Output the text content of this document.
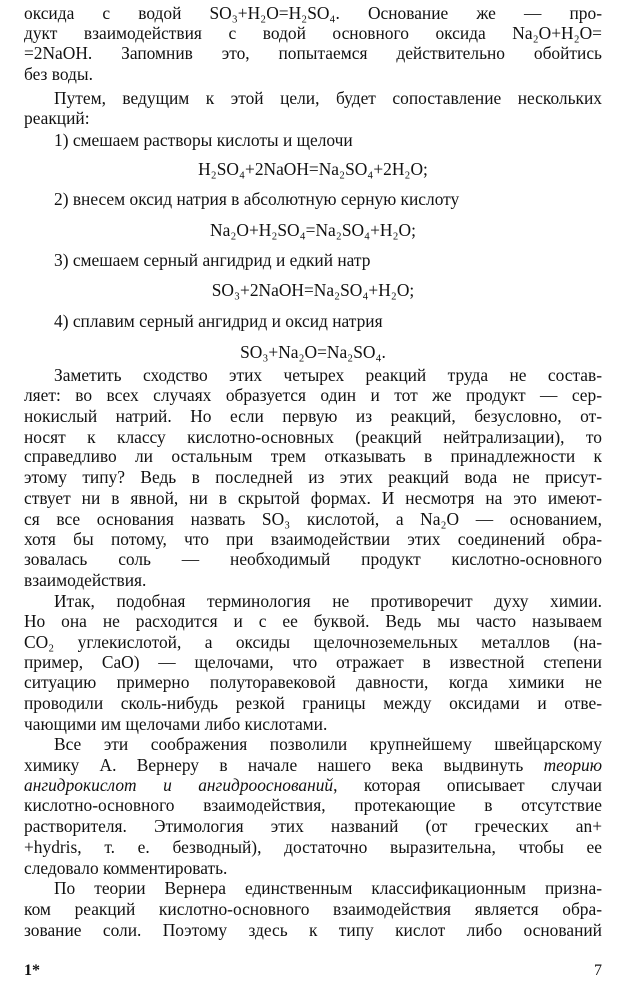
оксида с водой SO₃+H₂O=H₂SO₄. Основание же — про-
дукт взаимодействия с водой основного оксида Na₂O+H₂O=
=2NaOH. Запомнив это, попытаемся действительно обойтись
без воды.
Путем, ведущим к этой цели, будет сопоставление нескольких
реакций:
1) смешаем растворы кислоты и щелочи
H₂SO₄+2NaOH=Na₂SO₄+2H₂O;
2) внесем оксид натрия в абсолютную серную кислоту
Na₂O+H₂SO₄=Na₂SO₄+H₂O;
3) смешаем серный ангидрид и едкий натр
SO₃+2NaOH=Na₂SO₄+H₂O;
4) сплавим серный ангидрид и оксид натрия
SO₃+Na₂O=Na₂SO₄.
Заметить сходство этих четырех реакций труда не состав-
ляет: во всех случаях образуется один и тот же продукт — сер-
нокислый натрий. Но если первую из реакций, безусловно, от-
носят к классу кислотно-основных (реакций нейтрализации), то
справедливо ли остальным трем отказывать в принадлежности к
этому типу? Ведь в последней из этих реакций вода не присут-
ствует ни в явной, ни в скрытой формах. И несмотря на это имеют-
ся все основания назвать SO₃ кислотой, а Na₂O — основанием,
хотя бы потому, что при взаимодействии этих соединений обра-
зовалась соль — необходимый продукт кислотно-основного
взаимодействия.
Итак, подобная терминология не противоречит духу химии.
Но она не расходится и с ее буквой. Ведь мы часто называем
CO₂ углекислотой, а оксиды щелочноземельных металлов (на-
пример, CaO) — щелочами, что отражает в известной степени
ситуацию примерно полуторавековой давности, когда химики не
проводили сколь-нибудь резкой границы между оксидами и отве-
чающими им щелочами либо кислотами.
Все эти соображения позволили крупнейшему швейцарскому
химику А. Вернеру в начале нашего века выдвинуть теорию
ангидрокислот и ангидрооснований, которая описывает случаи
кислотно-основного взаимодействия, протекающие в отсутствие
растворителя. Этимология этих названий (от греческих an+
+hydris, т. е. безводный), достаточно выразительна, чтобы ее
следовало комментировать.
По теории Вернера единственным классификационным призна-
ком реакций кислотно-основного взаимодействия является обра-
зование соли. Поэтому здесь к типу кислот либо оснований
1*	7
